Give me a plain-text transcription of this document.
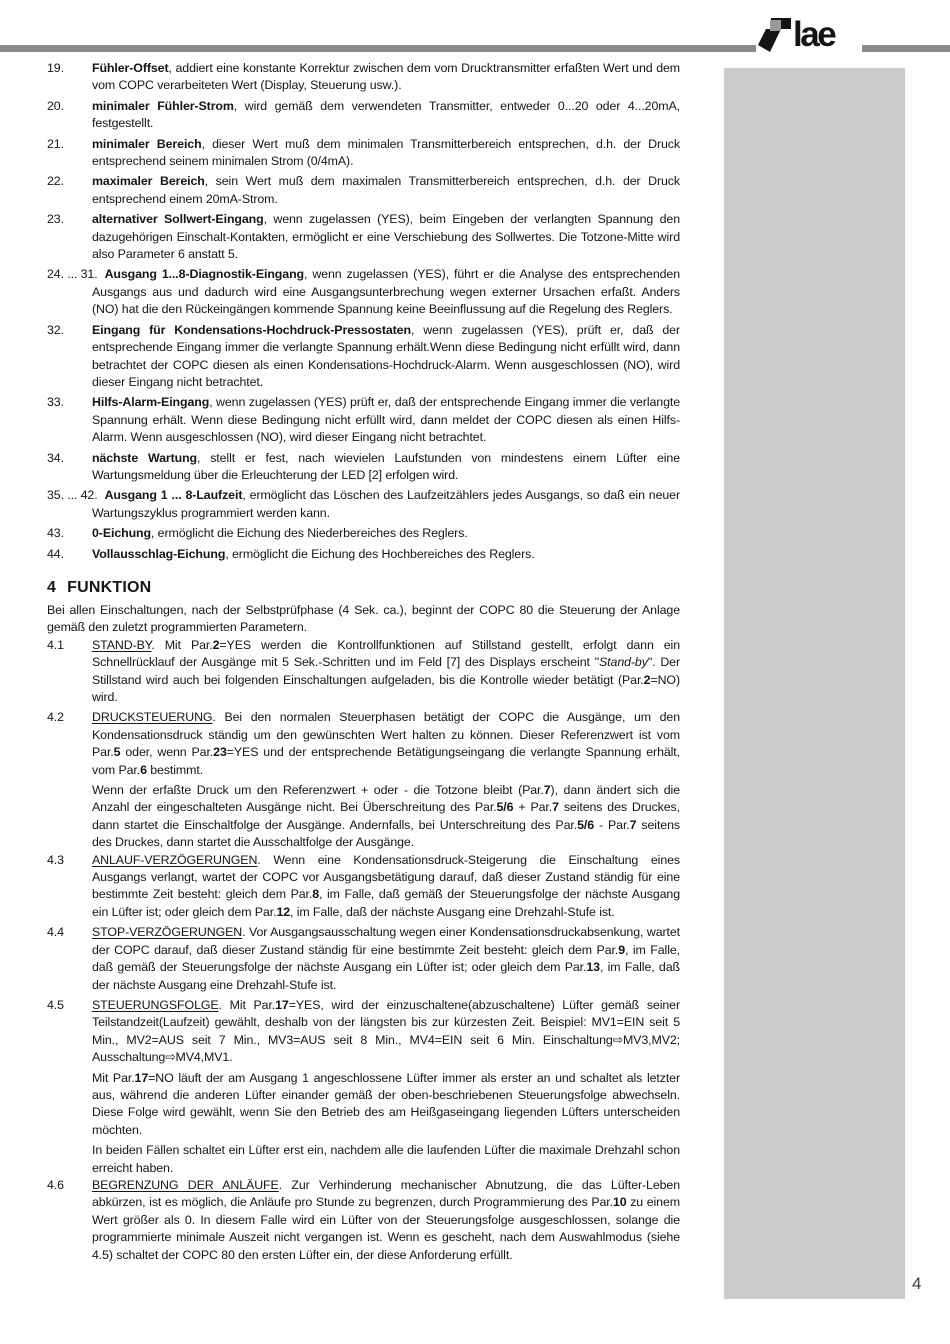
lae
19. Fühler-Offset, addiert eine konstante Korrektur zwischen dem vom Drucktransmitter erfaßten Wert und dem vom COPC verarbeiteten Wert (Display, Steuerung usw.).
20. minimaler Fühler-Strom, wird gemäß dem verwendeten Transmitter, entweder 0...20 oder 4...20mA, festgestellt.
21. minimaler Bereich, dieser Wert muß dem minimalen Transmitterbereich entsprechen, d.h. der Druck entsprechend seinem minimalen Strom (0/4mA).
22. maximaler Bereich, sein Wert muß dem maximalen Transmitterbereich entsprechen, d.h. der Druck entsprechend einem 20mA-Strom.
23. alternativer Sollwert-Eingang, wenn zugelassen (YES), beim Eingeben der verlangten Spannung den dazugehörigen Einschalt-Kontakten, ermöglicht er eine Verschiebung des Sollwertes. Die Totzone-Mitte wird also Parameter 6 anstatt 5.
24. ... 31. Ausgang 1...8-Diagnostik-Eingang, wenn zugelassen (YES), führt er die Analyse des entsprechenden Ausgangs aus und dadurch wird eine Ausgangsunterbrechung wegen externer Ursachen erfaßt. Anders (NO) hat die den Rückeingängen kommende Spannung keine Beeinflussung auf die Regelung des Reglers.
32. Eingang für Kondensations-Hochdruck-Pressostaten, wenn zugelassen (YES), prüft er, daß der entsprechende Eingang immer die verlangte Spannung erhält.Wenn diese Bedingung nicht erfüllt wird, dann betrachtet der COPC diesen als einen Kondensations-Hochdruck-Alarm. Wenn ausgeschlossen (NO), wird dieser Eingang nicht betrachtet.
33. Hilfs-Alarm-Eingang, wenn zugelassen (YES) prüft er, daß der entsprechende Eingang immer die verlangte Spannung erhält. Wenn diese Bedingung nicht erfüllt wird, dann meldet der COPC diesen als einen Hilfs-Alarm. Wenn ausgeschlossen (NO), wird dieser Eingang nicht betrachtet.
34. nächste Wartung, stellt er fest, nach wievielen Laufstunden von mindestens einem Lüfter eine Wartungsmeldung über die Erleuchterung der LED [2] erfolgen wird.
35. ... 42. Ausgang 1 ... 8-Laufzeit, ermöglicht das Löschen des Laufzeitzählers jedes Ausgangs, so daß ein neuer Wartungszyklus programmiert werden kann.
43. 0-Eichung, ermöglicht die Eichung des Niederbereiches des Reglers.
44. Vollausschlag-Eichung, ermöglicht die Eichung des Hochbereiches des Reglers.
4 FUNKTION

Bei allen Einschaltungen, nach der Selbstprüfphase (4 Sek. ca.), beginnt der COPC 80 die Steuerung der Anlage gemäß den zuletzt programmierten Parametern.

4.1 STAND-BY. Mit Par.2=YES werden die Kontrollfunktionen auf Stillstand gestellt, erfolgt dann ein Schnellrücklauf der Ausgänge mit 5 Sek.-Schritten und im Feld [7] des Displays erscheint "Stand-by". Der Stillstand wird auch bei folgenden Einschaltungen aufgeladen, bis die Kontrolle wieder betätigt (Par.2=NO) wird.
4.2 DRUCKSTEUERUNG. Bei den normalen Steuerphasen betätigt der COPC die Ausgänge, um den Kondensationsdruck ständig um den gewünschten Wert halten zu können. Dieser Referenzwert ist vom Par.5 oder, wenn Par.23=YES und der entsprechende Betätigungseingang die verlangte Spannung erhält, vom Par.6 bestimmt.
Wenn der erfaßte Druck um den Referenzwert + oder - die Totzone bleibt (Par.7), dann ändert sich die Anzahl der eingeschalteten Ausgänge nicht. Bei Überschreitung des Par.5/6 + Par.7 seitens des Druckes, dann startet die Einschaltfolge der Ausgänge. Andernfalls, bei Unterschreitung des Par.5/6 - Par.7 seitens des Druckes, dann startet die Ausschaltfolge der Ausgänge.
4.3 ANLAUF-VERZÖGERUNGEN. Wenn eine Kondensationsdruck-Steigerung die Einschaltung eines Ausgangs verlangt, wartet der COPC vor Ausgangsbetätigung darauf, daß dieser Zustand ständig für eine bestimmte Zeit besteht: gleich dem Par.8, im Falle, daß gemäß der Steuerungsfolge der nächste Ausgang ein Lüfter ist; oder gleich dem Par.12, im Falle, daß der nächste Ausgang eine Drehzahl-Stufe ist.
4.4 STOP-VERZÖGERUNGEN. Vor Ausgangsausschaltung wegen einer Kondensationsdruckabsenkung, wartet der COPC darauf, daß dieser Zustand ständig für eine bestimmte Zeit besteht: gleich dem Par.9, im Falle, daß gemäß der Steuerungsfolge der nächste Ausgang ein Lüfter ist; oder gleich dem Par.13, im Falle, daß der nächste Ausgang eine Drehzahl-Stufe ist.
4.5 STEUERUNGSFOLGE. Mit Par.17=YES, wird der einzuschaltene(abzuschaltene) Lüfter gemäß seiner Teilstandzeit(Laufzeit) gewählt, deshalb von der längsten bis zur kürzesten Zeit. Beispiel: MV1=EIN seit 5 Min., MV2=AUS seit 7 Min., MV3=AUS seit 8 Min., MV4=EIN seit 6 Min. Einschaltung⇨MV3,MV2; Ausschaltung⇨MV4,MV1.
Mit Par.17=NO läuft der am Ausgang 1 angeschlossene Lüfter immer als erster an und schaltet als letzter aus, während die anderen Lüfter einander gemäß der oben-beschriebenen Steuerungsfolge abwechseln. Diese Folge wird gewählt, wenn Sie den Betrieb des am Heißgaseingang liegenden Lüfters unterscheiden möchten.
In beiden Fällen schaltet ein Lüfter erst ein, nachdem alle die laufenden Lüfter die maximale Drehzahl schon erreicht haben.
4.6 BEGRENZUNG DER ANLÄUFE. Zur Verhinderung mechanischer Abnutzung, die das Lüfter-Leben abkürzen, ist es möglich, die Anläufe pro Stunde zu begrenzen, durch Programmierung des Par.10 zu einem Wert größer als 0. In diesem Falle wird ein Lüfter von der Steuerungsfolge ausgeschlossen, solange die programmierte minimale Auszeit nicht vergangen ist. Wenn es gescheht, nach dem Auswahlmodus (siehe 4.5) schaltet der COPC 80 den ersten Lüfter ein, der diese Anforderung erfüllt.
4
